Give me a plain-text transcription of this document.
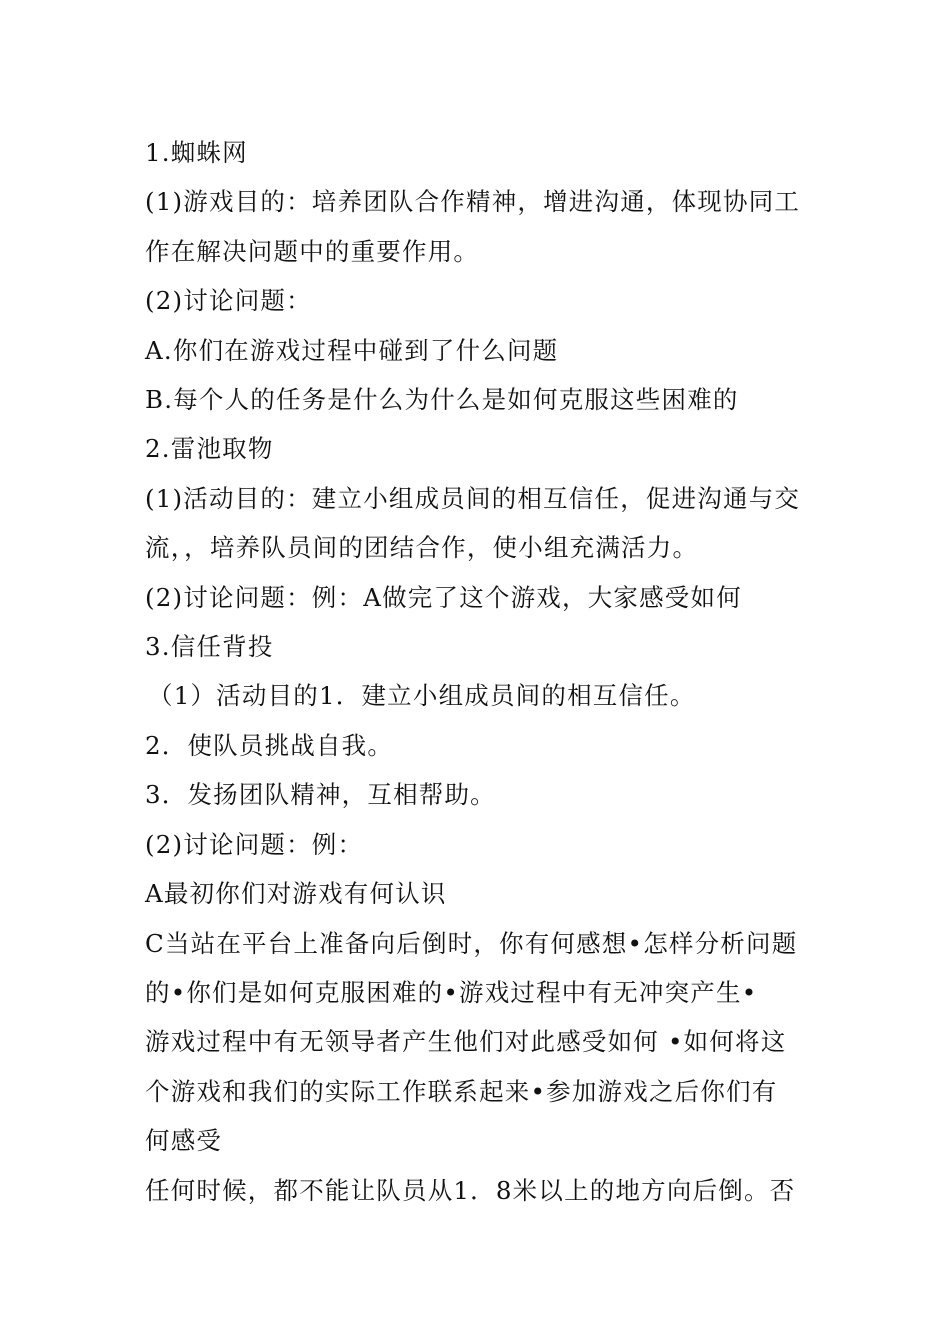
1.蜘蛛网

(1)游戏目的：培养团队合作精神，增进沟通，体现协同工

作在解决问题中的重要作用。

(2)讨论问题：

A.你们在游戏过程中碰到了什么问题

B.每个人的任务是什么为什么是如何克服这些困难的

2.雷池取物

(1)活动目的：建立小组成员间的相互信任，促进沟通与交

流，，培养队员间的团结合作，使小组充满活力。

(2)讨论问题：例：A做完了这个游戏，大家感受如何

3.信任背投

（1）活动目的1．建立小组成员间的相互信任。

2．使队员挑战自我。

3．发扬团队精神，互相帮助。

(2)讨论问题：例：

A最初你们对游戏有何认识

C当站在平台上准备向后倒时，你有何感想•怎样分析问题

的•你们是如何克服困难的•游戏过程中有无冲突产生•

游戏过程中有无领导者产生他们对此感受如何 •如何将这

个游戏和我们的实际工作联系起来•参加游戏之后你们有

何感受

任何时候，都不能让队员从1．8米以上的地方向后倒。否
